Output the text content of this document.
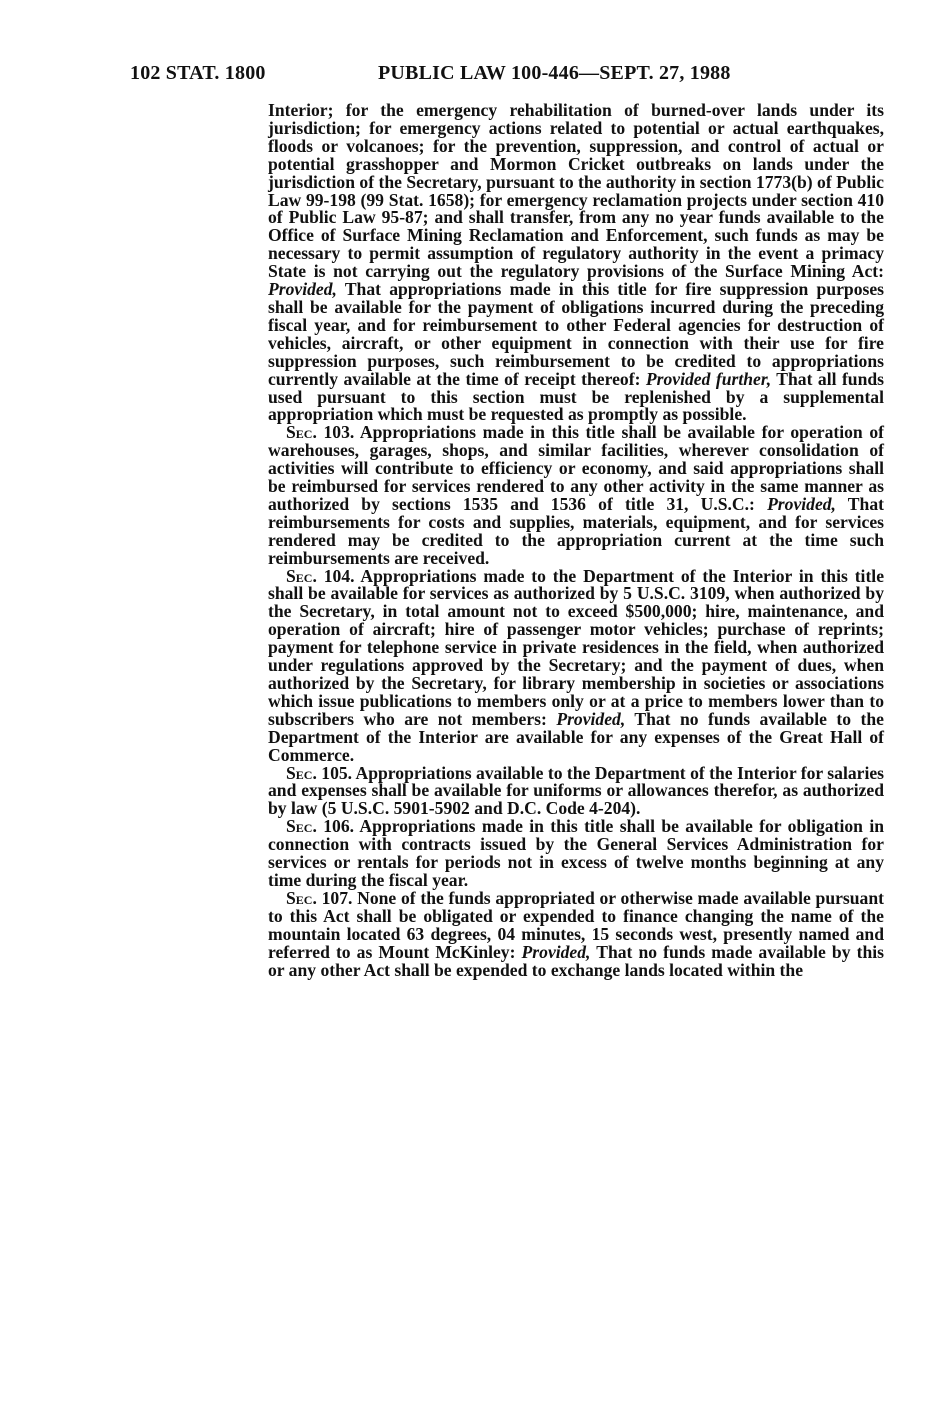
102 STAT. 1800	PUBLIC LAW 100-446—SEPT. 27, 1988

Interior; for the emergency rehabilitation of burned-over lands under its jurisdiction; for emergency actions related to potential or actual earthquakes, floods or volcanoes; for the prevention, suppression, and control of actual or potential grasshopper and Mormon Cricket outbreaks on lands under the jurisdiction of the Secretary, pursuant to the authority in section 1773(b) of Public Law 99-198 (99 Stat. 1658); for emergency reclamation projects under section 410 of Public Law 95-87; and shall transfer, from any no year funds available to the Office of Surface Mining Reclamation and Enforcement, such funds as may be necessary to permit assumption of regulatory authority in the event a primacy State is not carrying out the regulatory provisions of the Surface Mining Act: Provided, That appropriations made in this title for fire suppression purposes shall be available for the payment of obligations incurred during the preceding fiscal year, and for reimbursement to other Federal agencies for destruction of vehicles, aircraft, or other equipment in connection with their use for fire suppression purposes, such reimbursement to be credited to appropriations currently available at the time of receipt thereof: Provided further, That all funds used pursuant to this section must be replenished by a supplemental appropriation which must be requested as promptly as possible.

Sec. 103. Appropriations made in this title shall be available for operation of warehouses, garages, shops, and similar facilities, wherever consolidation of activities will contribute to efficiency or economy, and said appropriations shall be reimbursed for services rendered to any other activity in the same manner as authorized by sections 1535 and 1536 of title 31, U.S.C.: Provided, That reimbursements for costs and supplies, materials, equipment, and for services rendered may be credited to the appropriation current at the time such reimbursements are received.

Sec. 104. Appropriations made to the Department of the Interior in this title shall be available for services as authorized by 5 U.S.C. 3109, when authorized by the Secretary, in total amount not to exceed $500,000; hire, maintenance, and operation of aircraft; hire of passenger motor vehicles; purchase of reprints; payment for telephone service in private residences in the field, when authorized under regulations approved by the Secretary; and the payment of dues, when authorized by the Secretary, for library membership in societies or associations which issue publications to members only or at a price to members lower than to subscribers who are not members: Provided, That no funds available to the Department of the Interior are available for any expenses of the Great Hall of Commerce.

Sec. 105. Appropriations available to the Department of the Interior for salaries and expenses shall be available for uniforms or allowances therefor, as authorized by law (5 U.S.C. 5901-5902 and D.C. Code 4-204).

Sec. 106. Appropriations made in this title shall be available for obligation in connection with contracts issued by the General Services Administration for services or rentals for periods not in excess of twelve months beginning at any time during the fiscal year.

Sec. 107. None of the funds appropriated or otherwise made available pursuant to this Act shall be obligated or expended to finance changing the name of the mountain located 63 degrees, 04 minutes, 15 seconds west, presently named and referred to as Mount McKinley: Provided, That no funds made available by this or any other Act shall be expended to exchange lands located within the
